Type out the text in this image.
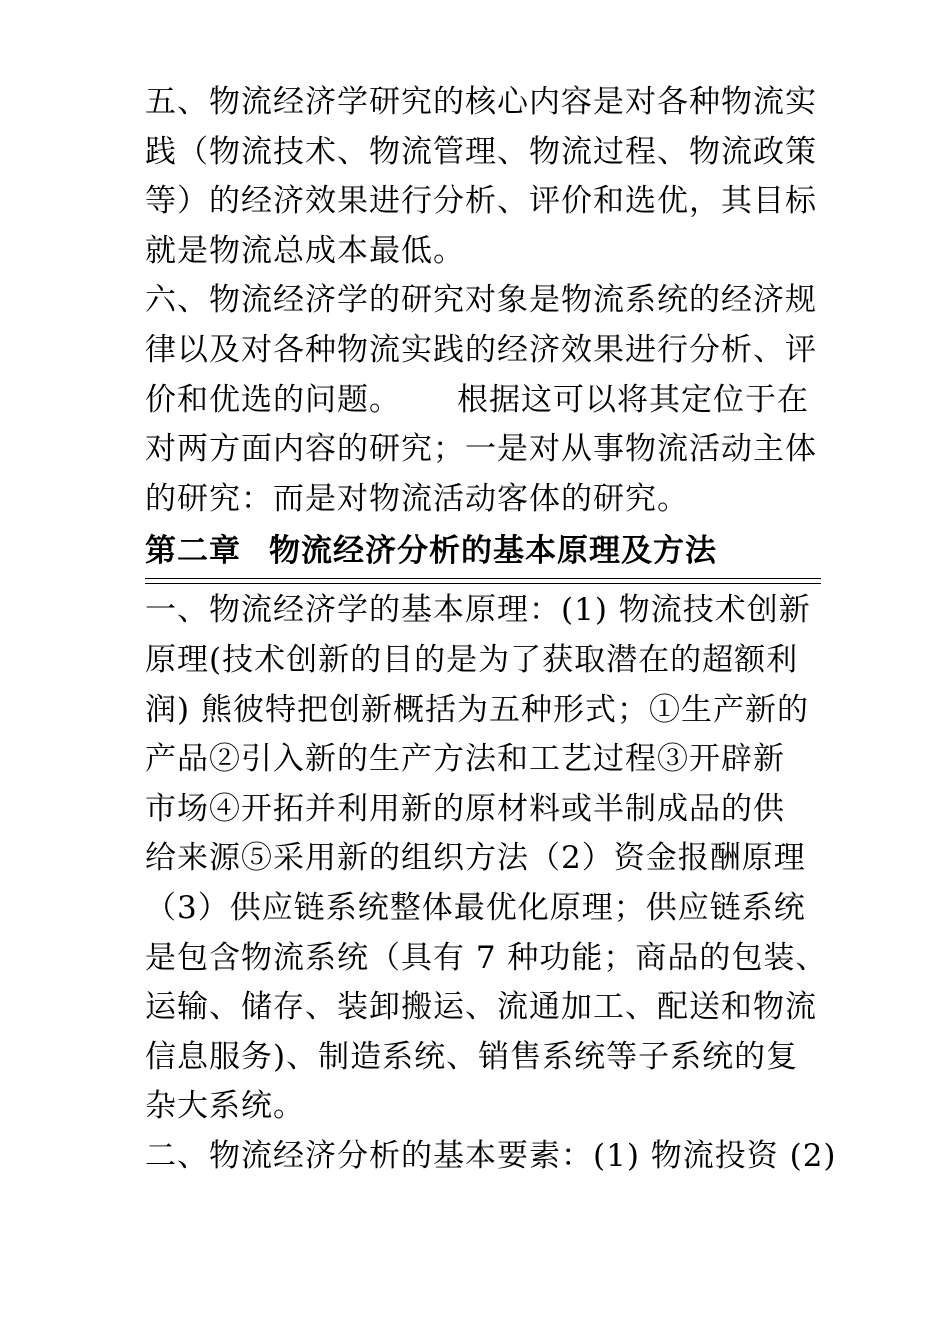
五、物流经济学研究的核心内容是对各种物流实
践（物流技术、物流管理、物流过程、物流政策
等）的经济效果进行分析、评价和选优，其目标
就是物流总成本最低。

六、物流经济学的研究对象是物流系统的经济规
律以及对各种物流实践的经济效果进行分析、评
价和优选的问题。 根据这可以将其定位于在
对两方面内容的研究；一是对从事物流活动主体
的研究：而是对物流活动客体的研究。

第二章 物流经济分析的基本原理及方法

一、物流经济学的基本原理：(1) 物流技术创新
原理(技术创新的目的是为了获取潜在的超额利
润) 熊彼特把创新概括为五种形式；①生产新的
产品②引入新的生产方法和工艺过程③开辟新
市场④开拓并利用新的原材料或半制成品的供
给来源⑤采用新的组织方法（2）资金报酬原理
（3）供应链系统整体最优化原理；供应链系统
是包含物流系统（具有 7 种功能；商品的包装、
运输、储存、装卸搬运、流通加工、配送和物流
信息服务)、制造系统、销售系统等子系统的复
杂大系统。

二、物流经济分析的基本要素：(1) 物流投资 (2)
